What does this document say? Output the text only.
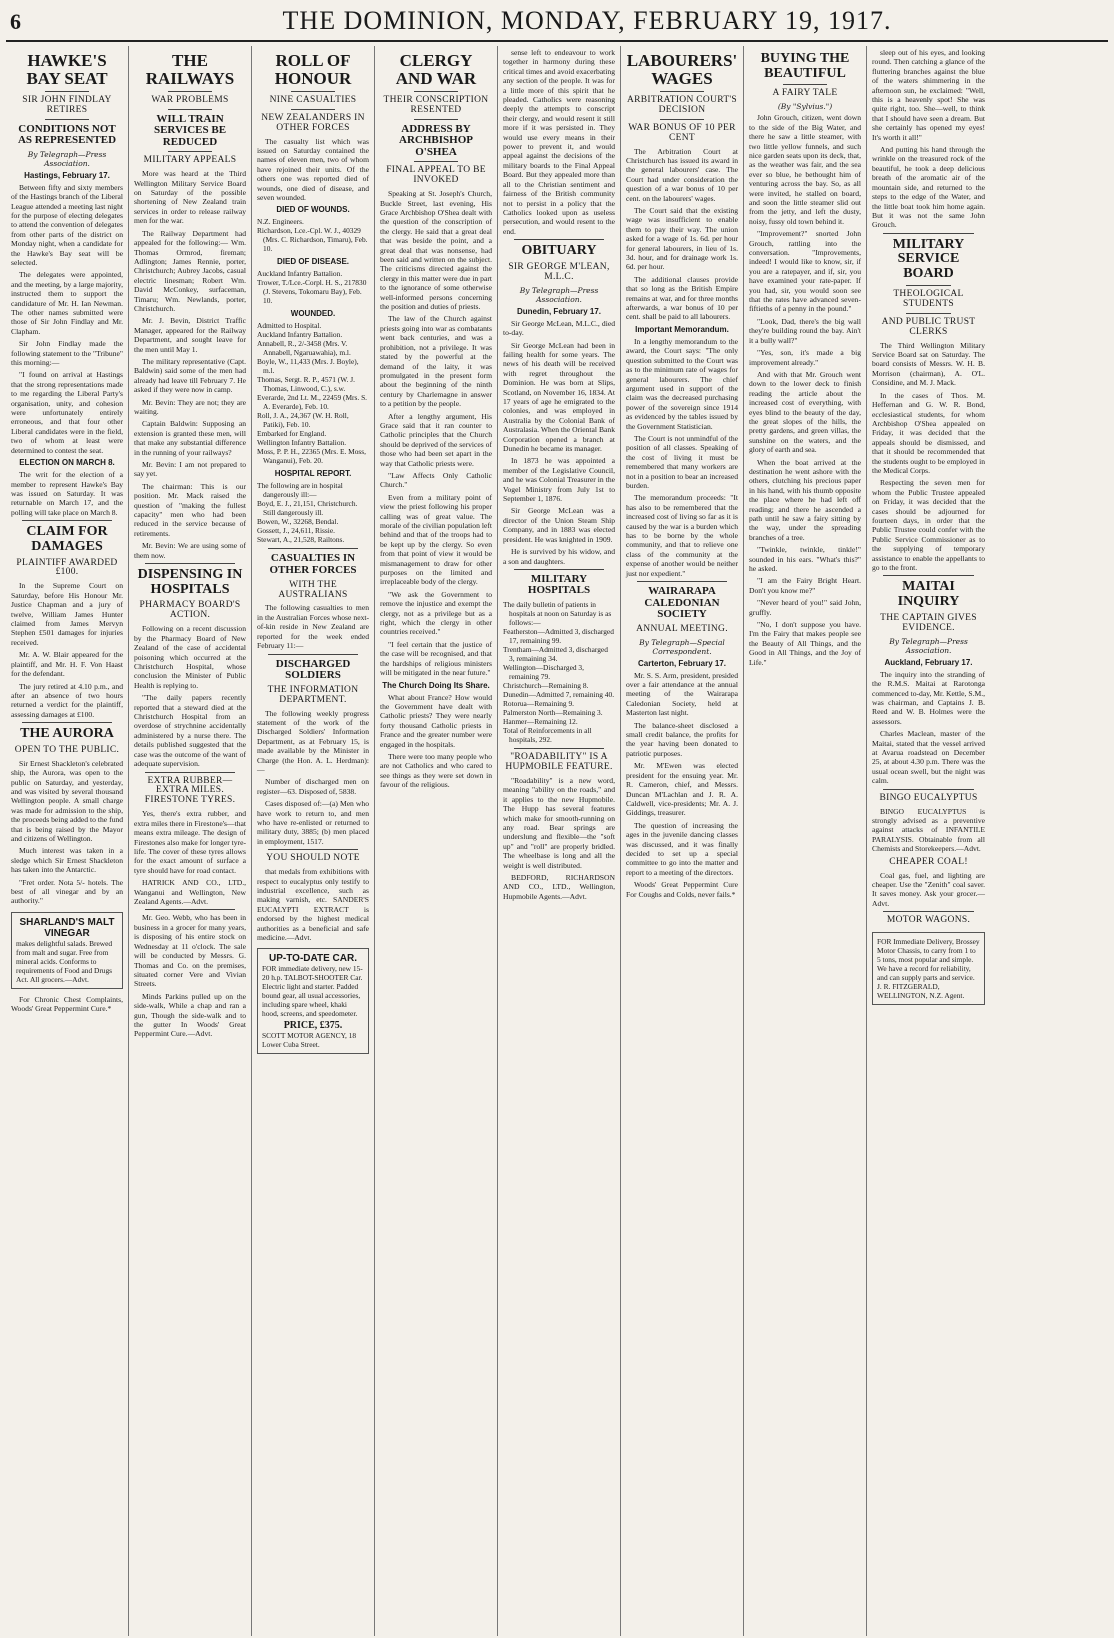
6	THE DOMINION, MONDAY, FEBRUARY 19, 1917.
HAWKE'S BAY SEAT
SIR JOHN FINDLAY RETIRES
CONDITIONS NOT AS REPRESENTED
By Telegraph—Press Association.
Hastings, February 17.

Between fifty and sixty members of the Hastings branch of the Liberal League attended a meeting last night for the purpose of electing delegates to attend the convention of delegates from other parts of the district on Monday night, when a candidate for the Hawke's Bay seat will be selected.

The delegates were appointed, and the meeting, by a large majority, instructed them to support the candidature of Mr. H. Ian Newman. The other names submitted were those of Sir John Findlay and Mr. Clapham.

Sir John Findlay made the following statement to the "Tribune" this morning:—

"I found on arrival at Hastings that the strong representations made to me regarding the Liberal Party's organisation, unity, and cohesion were unfortunately entirely erroneous, and that four other Liberal candidates were in the field, two of whom at least were determined to contest the seat.

ELECTION ON MARCH 8.

The writ for the election of a member to represent Hawke's Bay was issued on Saturday. It was returnable on March 17, and the polling will take place on March 8.

CLAIM FOR DAMAGES
PLAINTIFF AWARDED £100.

In the Supreme Court on Saturday, before His Honour Mr. Justice Chapman and a jury of twelve, William James Hunter claimed from James Mervyn Stephen £501 damages for injuries received.

Mr. A. W. Blair appeared for the plaintiff, and Mr. H. F. Von Haast for the defendant.

The jury retired at 4.10 p.m., and after an absence of two hours returned a verdict for the plaintiff, assessing damages at £100.

THE AURORA
OPEN TO THE PUBLIC.

Sir Ernest Shackleton's celebrated ship, the Aurora, was open to the public on Saturday, and yesterday, and was visited by several thousand Wellington people. A small charge was made for admission to the ship, the proceeds being added to the fund that is being raised by the Mayor and citizens of Wellington.

Much interest was taken in a sledge which Sir Ernest Shackleton has taken into the Antarctic.

"Fret order. Nota 5/- hotels. The best of all vinegar and by an authority."

SHARLAND'S MALT VINEGAR
makes delightful salads. Brewed from malt and sugar. Free from mineral acids. Conforms to requirements of Food and Drugs Act. All grocers.—Advt.

For Chronic Chest Complaints, Woods' Great Peppermint Cure.*

THE RAILWAYS
WAR PROBLEMS
WILL TRAIN SERVICES BE REDUCED
MILITARY APPEALS

More was heard at the Third Wellington Military Service Board on Saturday of the possible shortening of New Zealand train services in order to release railway men for the war.

The Railway Department had appealed for the following:— Wm. Thomas Ormrod, fireman; Adlington; James Rennie, porter, Christchurch; Aubrey Jacobs, casual electric linesman; Robert Wm. David McConkey, surfaceman, Timaru; Wm. Newlands, porter, Christchurch.

Mr. J. Bevin, District Traffic Manager, appeared for the Railway Department, and sought leave for the men until May 1.

The military representative (Capt. Baldwin) said some of the men had already had leave till February 7. He asked if they were now in camp.

Mr. Bevin: They are not; they are waiting.

Captain Baldwin: Supposing an extension is granted these men, will that make any substantial difference in the running of your railways?

Mr. Bevin: I am not prepared to say yet.

The chairman: This is our position. Mr. Mack raised the question of "making the fullest capacity" men who had been reduced in the service because of retirements.

Mr. Bevin: We are using some of them now.

DISPENSING IN HOSPITALS
PHARMACY BOARD'S ACTION.

Following on a recent discussion by the Pharmacy Board of New Zealand of the case of accidental poisoning which occurred at the Christchurch Hospital, whose conclusion the Minister of Public Health is replying to.

"The daily papers recently reported that a steward died at the Christchurch Hospital from an overdose of strychnine accidentally administered by a nurse there. The details published suggested that the case was the outcome of the want of adequate supervision.

EXTRA RUBBER—EXTRA MILES. FIRESTONE TYRES.

Yes, there's extra rubber, and extra miles there in Firestone's—that means extra mileage. The design of Firestones also make for longer tyre-life. The cover of these tyres allows for the exact amount of surface a tyre should have for road contact.

HATRICK AND CO., LTD., Wanganui and Wellington, New Zealand Agents.—Advt.

Mr. Geo. Webb, who has been in business in a grocer for many years, is disposing of his entire stock on Wednesday at 11 o'clock. The sale will be conducted by Messrs. G. Thomas and Co. on the premises, situated corner Vere and Vivian Streets.

Minds Parkins pulled up on the side-walk, While a chap and ran a gun, Though the side-walk and to the gutter In Woods' Great Peppermint Cure.—Advt.

ROLL OF HONOUR
NINE CASUALTIES
NEW ZEALANDERS IN OTHER FORCES

The casualty list which was issued on Saturday contained the names of eleven men, two of whom have rejoined their units. Of the others one was reported died of wounds, one died of disease, and seven wounded.

DIED OF WOUNDS.
N.Z. Engineers.
Richardson, Lce.-Cpl. W. J., 40329 (Mrs. C. Richardson, Timaru), Feb. 10.
DIED OF DISEASE.
Auckland Infantry Battalion.
Trower, T./Lce.-Corpl. H. S., 217830 (J. Stevens, Tokomaru Bay), Feb. 10.
WOUNDED.
Admitted to Hospital.
Auckland Infantry Battalion.
Annabell, R., 2/-3458 (Mrs. V. Annabell, Ngaruawahia), m.l.
Boyle, W., 11,433 (Mrs. J. Boyle), m.l.
Thomas, Sergt. R. P., 4571 (W. J. Thomas, Linwood, C.), s.w.
Everarde, 2nd Lt. M., 22459 (Mrs. S. A. Everarde), Feb. 10.
Roll, J. A., 24,367 (W. H. Roll, Patiki), Feb. 10.
Embarked for England.
Wellington Infantry Battalion.
Moss, P. P. H., 22365 (Mrs. E. Moss, Wanganui), Feb. 20.
HOSPITAL REPORT.
The following are in hospital dangerously ill:—
Boyd, E. J., 21,151, Christchurch. Still dangerously ill.
Bowen, W., 32268, Bendal.
Gossett, J., 24,611, Rissie.
Stewart, A., 21,528, Railtons.
CASUALTIES IN OTHER FORCES
WITH THE AUSTRALIANS

The following casualties to men in the Australian Forces whose next-of-kin reside in New Zealand are reported for the week ended February 11:—

DISCHARGED SOLDIERS
THE INFORMATION DEPARTMENT.

The following weekly progress statement of the work of the Discharged Soldiers' Information Department, as at February 15, is made available by the Minister in Charge (the Hon. A. L. Herdman):—

Number of discharged men on register—63. Disposed of, 5838.

Cases disposed of:—(a) Men who have work to return to, and men who have re-enlisted or returned to military duty, 3885; (b) men placed in employment, 1517.

YOU SHOULD NOTE

that medals from exhibitions with respect to eucalyptus only testify to industrial excellence, such as making varnish, etc. SANDER'S EUCALYPTI EXTRACT is endorsed by the highest medical authorities as a beneficial and safe medicine.—Advt.

UP-TO-DATE CAR.
FOR immediate delivery, new 15-20 h.p. TALBOT-SHOOTER Car. Electric light and starter. Padded bound gear, all usual accessories, including spare wheel, khaki hood, screens, and speedometer.
PRICE, £375.
SCOTT MOTOR AGENCY, 18 Lower Cuba Street.
CLERGY AND WAR
THEIR CONSCRIPTION RESENTED
ADDRESS BY ARCHBISHOP O'SHEA
FINAL APPEAL TO BE INVOKED

Speaking at St. Joseph's Church, Buckle Street, last evening, His Grace Archbishop O'Shea dealt with the question of the conscription of the clergy. He said that a great deal that was beside the point, and a great deal that was nonsense, had been said and written on the subject. The criticisms directed against the clergy in this matter were due in part to the ignorance of some otherwise well-informed persons concerning the position and duties of priests.

The law of the Church against priests going into war as combatants went back centuries, and was a prohibition, not a privilege. It was stated by the powerful at the demand of the laity, it was promulgated in the present form about the beginning of the ninth century by Charlemagne in answer to a petition by the people.

After a lengthy argument, His Grace said that it ran counter to Catholic principles that the Church should be deprived of the services of those who had been set apart in the way that Catholic priests were.

"Law Affects Only Catholic Church."

Even from a military point of view the priest following his proper calling was of great value. The morale of the civilian population left behind and that of the troops had to be kept up by the clergy. So even from that point of view it would be mismanagement to draw for other purposes on the limited and irreplaceable body of the clergy.

"We ask the Government to remove the injustice and exempt the clergy, not as a privilege but as a right, which the clergy in other countries received."

"I feel certain that the justice of the case will be recognised, and that the hardships of religious ministers will be mitigated in the near future."

The Church Doing Its Share.

What about France? How would the Government have dealt with Catholic priests? They were nearly forty thousand Catholic priests in France and the greater number were engaged in the hospitals.

There were too many people who are not Catholics and who cared to see things as they were set down in favour of the religious.

sense left to endeavour to work together in harmony during these critical times and avoid exacerbating any section of the people. It was for a little more of this spirit that he pleaded. Catholics were reasoning deeply the attempts to conscript their clergy, and would resent it still more if it was persisted in. They would use every means in their power to prevent it, and would appeal against the decisions of the military boards to the Final Appeal Board. But they appealed more than all to the Christian sentiment and fairness of the British community not to persist in a policy that the Catholics looked upon as useless persecution, and would resent to the end.

OBITUARY
SIR GEORGE M'LEAN, M.L.C.
By Telegraph—Press Association.
Dunedin, February 17.

Sir George McLean, M.L.C., died to-day.

Sir George McLean had been in failing health for some years. The news of his death will be received with regret throughout the Dominion. He was born at Slips, Scotland, on November 16, 1834. At 17 years of age he emigrated to the colonies, and was employed in Australia by the Colonial Bank of Australasia. When the Oriental Bank Corporation opened a branch at Dunedin he became its manager.

In 1873 he was appointed a member of the Legislative Council, and he was Colonial Treasurer in the Vogel Ministry from July 1st to September 1, 1876.

Sir George McLean was a director of the Union Steam Ship Company, and in 1883 was elected president. He was knighted in 1909.

He is survived by his widow, and a son and daughters.

MILITARY HOSPITALS
The daily bulletin of patients in hospitals at noon on Saturday is as follows:—
Featherston—Admitted 3, discharged 17, remaining 99.
Trentham—Admitted 3, discharged 3, remaining 34.
Wellington—Discharged 3, remaining 79.
Christchurch—Remaining 8.
Dunedin—Admitted 7, remaining 40.
Rotorua—Remaining 9.
Palmerston North—Remaining 3.
Hanmer—Remaining 12.
Total of Reinforcements in all hospitals, 292.
"ROADABILITY" IS A HUPMOBILE FEATURE.

"Roadability" is a new word, meaning "ability on the roads," and it applies to the new Hupmobile. The Hupp has several features which make for smooth-running on any road. Bear springs are underslung and flexible—the "soft up" and "roll" are properly bridled. The wheelbase is long and all the weight is well distributed.

BEDFORD, RICHARDSON AND CO., LTD., Wellington, Hupmobile Agents.—Advt.

LABOURERS' WAGES
ARBITRATION COURT'S DECISION
WAR BONUS OF 10 PER CENT

The Arbitration Court at Christchurch has issued its award in the general labourers' case. The Court had under consideration the question of a war bonus of 10 per cent. on the labourers' wages.

The Court said that the existing wage was insufficient to enable them to pay their way. The union asked for a wage of 1s. 6d. per hour for general labourers, in lieu of 1s. 3d. hour, and for drainage work 1s. 6d. per hour.

The additional clauses provide that so long as the British Empire remains at war, and for three months afterwards, a war bonus of 10 per cent. shall be paid to all labourers.

Important Memorandum.

In a lengthy memorandum to the award, the Court says: "The only question submitted to the Court was as to the minimum rate of wages for general labourers. The chief argument used in support of the claim was the decreased purchasing power of the sovereign since 1914 as evidenced by the tables issued by the Government Statistician.

The Court is not unmindful of the position of all classes. Speaking of the cost of living it must be remembered that many workers are not in a position to bear an increased burden.

The memorandum proceeds: "It has also to be remembered that the increased cost of living so far as it is caused by the war is a burden which has to be borne by the whole community, and that to relieve one class of the community at the expense of another would be neither just nor expedient."

WAIRARAPA CALEDONIAN SOCIETY
ANNUAL MEETING.
By Telegraph—Special Correspondent.
Carterton, February 17.

Mr. S. S. Arm, president, presided over a fair attendance at the annual meeting of the Wairarapa Caledonian Society, held at Masterton last night.

The balance-sheet disclosed a small credit balance, the profits for the year having been donated to patriotic purposes.

Mr. M'Ewen was elected president for the ensuing year. Mr. R. Cameron, chief, and Messrs. Duncan M'Lachlan and J. R. A. Caldwell, vice-presidents; Mr. A. J. Giddings, treasurer.

The question of increasing the ages in the juvenile dancing classes was discussed, and it was finally decided to set up a special committee to go into the matter and report to a meeting of the directors.

Woods' Great Peppermint Cure For Coughs and Colds, never fails.*

BUYING THE BEAUTIFUL
A FAIRY TALE
(By "Sylvius.")

John Grouch, citizen, went down to the side of the Big Water, and there he saw a little steamer, with two little yellow funnels, and such nice garden seats upon its deck, that, as the weather was fair, and the sea ever so blue, he bethought him of venturing across the bay. So, as all were invited, he stalled on board, and soon the little steamer slid out from the jetty, and left the dusty, noisy, fussy old town behind it.

"Improvement?" snorted John Grouch, rattling into the conversation. "Improvements, indeed! I would like to know, sir, if you are a ratepayer, and if, sir, you have examined your rate-paper. If you had, sir, you would soon see that the rates have advanced seven-fiftieths of a penny in the pound."

"Look, Dad, there's the big wall they're building round the bay. Ain't it a bully wall?"

"Yes, son, it's made a big improvement already."

And with that Mr. Grouch went down to the lower deck to finish reading the article about the increased cost of everything, with eyes blind to the beauty of the day, the great slopes of the hills, the pretty gardens, and green villas, the sunshine on the waters, and the glory of earth and sea.

When the boat arrived at the destination he went ashore with the others, clutching his precious paper in his hand, with his thumb opposite the place where he had left off reading; and there he ascended a path until he saw a fairy sitting by the way, under the spreading branches of a tree.

"Twinkle, twinkle, tinkle!" sounded in his ears. "What's this?" he asked.

"I am the Fairy Bright Heart. Don't you know me?"

"Never heard of you!" said John, gruffly.

"No, I don't suppose you have. I'm the Fairy that makes people see the Beauty of All Things, and the Good in All Things, and the Joy of Life."

sleep out of his eyes, and looking round. Then catching a glance of the fluttering branches against the blue of the waters shimmering in the afternoon sun, he exclaimed: "Well, this is a heavenly spot! She was quite right, too. She—well, to think that I should have seen a dream. But she certainly has opened my eyes! It's worth it all!"

And putting his hand through the wrinkle on the treasured rock of the beautiful, he took a deep delicious breath of the aromatic air of the mountain side, and returned to the steps to the edge of the Water, and the little boat took him home again. But it was not the same John Grouch.

MILITARY SERVICE BOARD
THEOLOGICAL STUDENTS
AND PUBLIC TRUST CLERKS

The Third Wellington Military Service Board sat on Saturday. The board consists of Messrs. W. H. B. Morrison (chairman), A. O'L. Considine, and M. J. Mack.

In the cases of Thos. M. Heffernan and G. W. R. Bond, ecclesiastical students, for whom Archbishop O'Shea appealed on Friday, it was decided that the appeals should be dismissed, and that it should be recommended that the students ought to be employed in the Medical Corps.

Respecting the seven men for whom the Public Trustee appealed on Friday, it was decided that the cases should be adjourned for fourteen days, in order that the Public Trustee could confer with the Public Service Commissioner as to the supplying of temporary assistance to enable the appellants to go to the front.

MAITAI INQUIRY
THE CAPTAIN GIVES EVIDENCE.
By Telegraph—Press Association.
Auckland, February 17.

The inquiry into the stranding of the R.M.S. Maitai at Rarotonga commenced to-day, Mr. Kettle, S.M., was chairman, and Captains J. B. Reed and W. B. Holmes were the assessors.

Charles Maclean, master of the Maitai, stated that the vessel arrived at Avarua roadstead on December 25, at about 4.30 p.m. There was the usual ocean swell, but the night was calm.

BINGO EUCALYPTUS

BINGO EUCALYPTUS is strongly advised as a preventive against attacks of INFANTILE PARALYSIS. Obtainable from all Chemists and Storekeepers.—Advt.

CHEAPER COAL!

Coal gas, fuel, and lighting are cheaper. Use the "Zenith" coal saver. It saves money. Ask your grocer.—Advt.

MOTOR WAGONS.
FOR Immediate Delivery, Brossey Motor Chassis, to carry from 1 to 5 tons, most popular and simple. We have a record for reliability, and can supply parts and service.
J. R. FITZGERALD, WELLINGTON, N.Z. Agent.
